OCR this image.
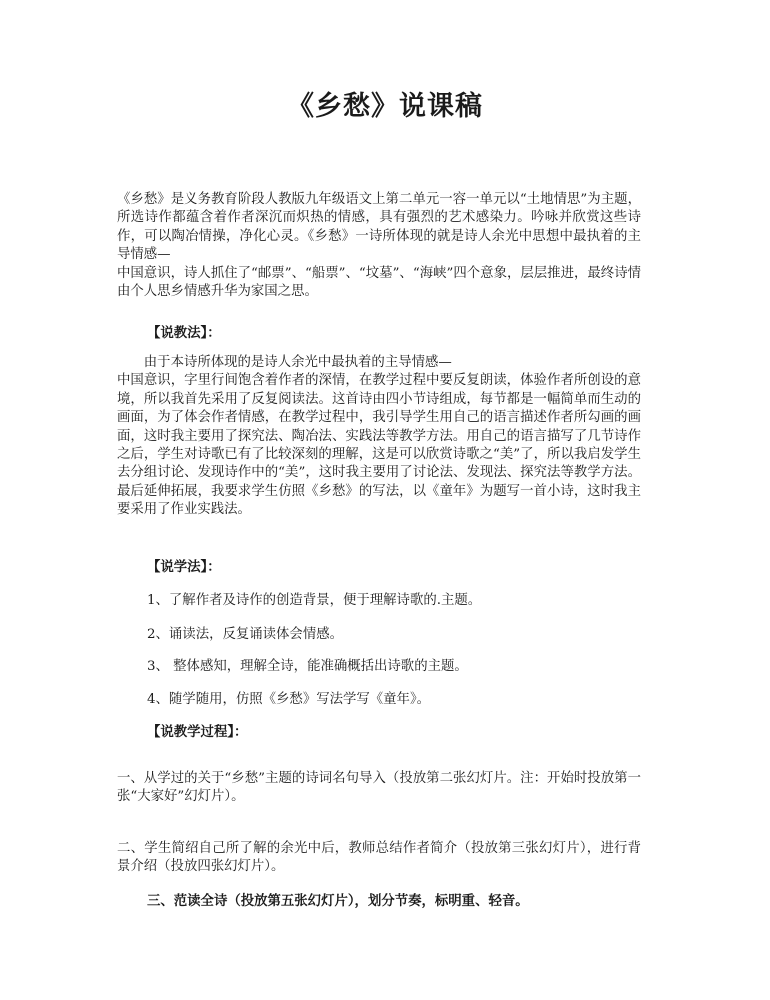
《乡愁》说课稿

《乡愁》是义务教育阶段人教版九年级语文上第二单元一容一单元以“土地情思”为主题，所选诗作都蕴含着作者深沉而炽热的情感，具有强烈的艺术感染力。吟咏并欣赏这些诗作，可以陶冶情操，净化心灵。《乡愁》一诗所体现的就是诗人余光中思想中最执着的主导情感—
中国意识，诗人抓住了“邮票”、“船票”、“坟墓”、“海峡”四个意象，层层推进，最终诗情由个人思乡情感升华为家国之思。

【说教法】：

由于本诗所体现的是诗人余光中最执着的主导情感—
中国意识，字里行间饱含着作者的深情，在教学过程中要反复朗读，体验作者所创设的意境，所以我首先采用了反复阅读法。这首诗由四小节诗组成，每节都是一幅简单而生动的画面，为了体会作者情感，在教学过程中，我引导学生用自己的语言描述作者所勾画的画面，这时我主要用了探究法、陶冶法、实践法等教学方法。用自己的语言描写了几节诗作之后，学生对诗歌已有了比较深刻的理解，这是可以欣赏诗歌之“美”了，所以我启发学生去分组讨论、发现诗作中的“美”，这时我主要用了讨论法、发现法、探究法等教学方法。最后延伸拓展，我要求学生仿照《乡愁》的写法，以《童年》为题写一首小诗，这时我主要采用了作业实践法。

【说学法】：
1、了解作者及诗作的创造背景，便于理解诗歌的.主题。
2、诵读法，反复诵读体会情感。
3、 整体感知，理解全诗，能准确概括出诗歌的主题。
4、随学随用，仿照《乡愁》写法学写《童年》。
【说教学过程】：

一、从学过的关于“乡愁”主题的诗词名句导入（投放第二张幻灯片。注：开始时投放第一张“大家好”幻灯片）。

二、学生简绍自己所了解的余光中后，教师总结作者简介（投放第三张幻灯片），进行背景介绍（投放四张幻灯片）。

三、范读全诗（投放第五张幻灯片），划分节奏，标明重、轻音。
